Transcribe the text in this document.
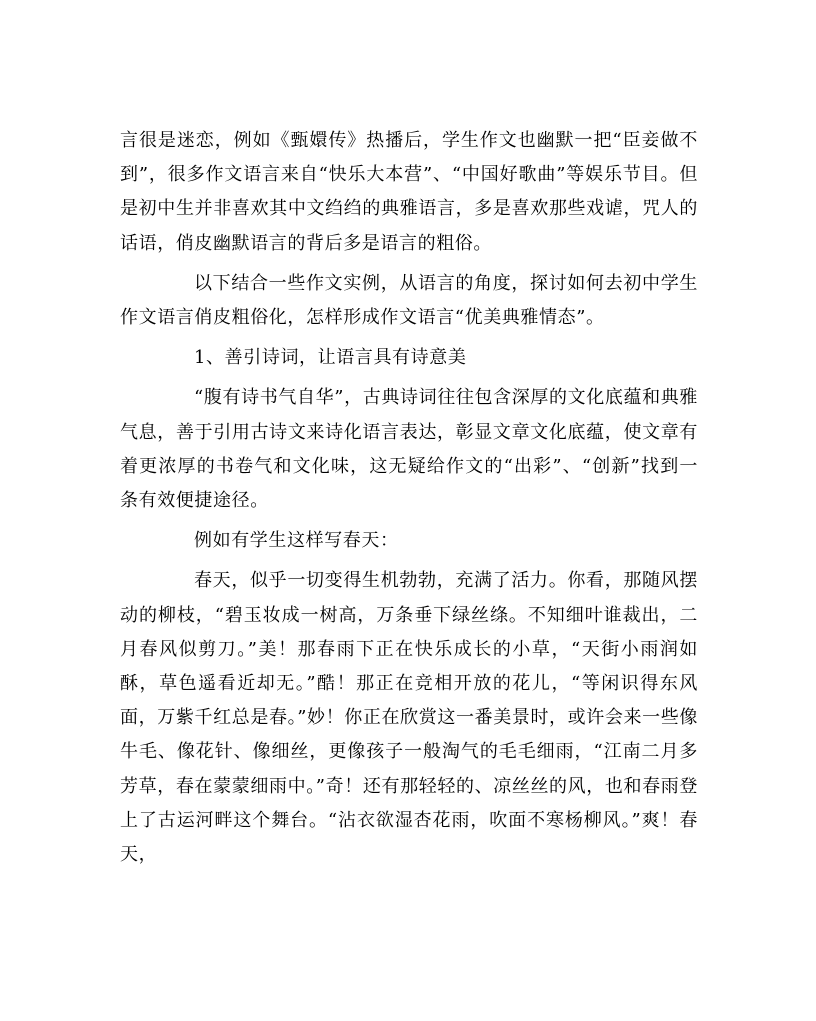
言很是迷恋，例如《甄嬛传》热播后，学生作文也幽默一把“臣妾做不到”，很多作文语言来自“快乐大本营”、“中国好歌曲”等娱乐节目。但是初中生并非喜欢其中文绉绉的典雅语言，多是喜欢那些戏谑，咒人的话语，俏皮幽默语言的背后多是语言的粗俗。

以下结合一些作文实例，从语言的角度，探讨如何去初中学生作文语言俏皮粗俗化，怎样形成作文语言“优美典雅情态”。

1、善引诗词，让语言具有诗意美

“腹有诗书气自华”，古典诗词往往包含深厚的文化底蕴和典雅气息，善于引用古诗文来诗化语言表达，彰显文章文化底蕴，使文章有着更浓厚的书卷气和文化味，这无疑给作文的“出彩”、“创新”找到一条有效便捷途径。

例如有学生这样写春天：

春天，似乎一切变得生机勃勃，充满了活力。你看，那随风摆动的柳枝，“碧玉妆成一树高，万条垂下绿丝绦。不知细叶谁裁出，二月春风似剪刀。”美！那春雨下正在快乐成长的小草，“天街小雨润如酥，草色遥看近却无。”酷！那正在竞相开放的花儿，“等闲识得东风面，万紫千红总是春。”妙！你正在欣赏这一番美景时，或许会来一些像牛毛、像花针、像细丝，更像孩子一般淘气的毛毛细雨，“江南二月多芳草，春在蒙蒙细雨中。”奇！还有那轻轻的、凉丝丝的风，也和春雨登上了古运河畔这个舞台。“沾衣欲湿杏花雨，吹面不寒杨柳风。”爽！春天，
